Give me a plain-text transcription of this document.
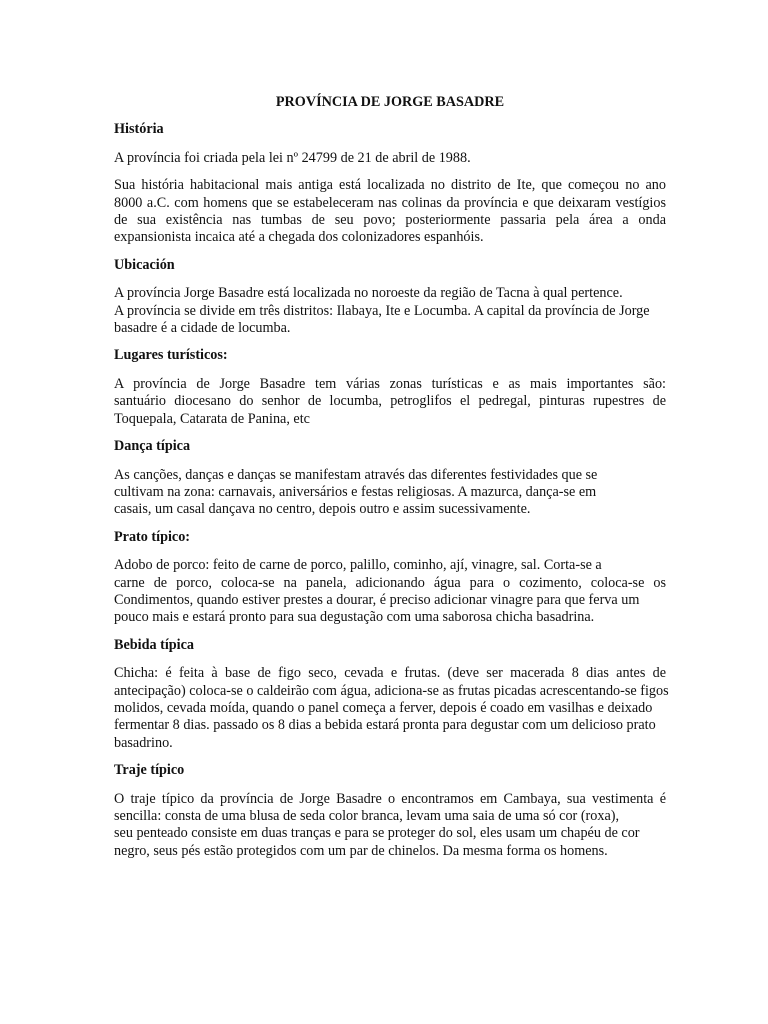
PROVÍNCIA DE JORGE BASADRE
História
A província foi criada pela lei nº 24799 de 21 de abril de 1988.
Sua história habitacional mais antiga está localizada no distrito de Ite, que começou no ano
8000 a.C. com homens que se estabeleceram nas colinas da província e que deixaram vestígios
de sua existência nas tumbas de seu povo; posteriormente passaria pela área a onda
expansionista incaica até a chegada dos colonizadores espanhóis.
Ubicación
A província Jorge Basadre está localizada no noroeste da região de Tacna à qual pertence.
A província se divide em três distritos: Ilabaya, Ite e Locumba. A capital da província de Jorge
basadre é a cidade de locumba.
Lugares turísticos:
A província de Jorge Basadre tem várias zonas turísticas e as mais importantes são:
santuário diocesano do senhor de locumba, petroglifos el pedregal, pinturas rupestres de
Toquepala, Catarata de Panina, etc
Dança típica
As canções, danças e danças se manifestam através das diferentes festividades que se
cultivam na zona: carnavais, aniversários e festas religiosas. A mazurca, dança-se em
casais, um casal dançava no centro, depois outro e assim sucessivamente.
Prato típico:
Adobo de porco: feito de carne de porco, palillo, cominho, ají, vinagre, sal. Corta-se a
carne de porco, coloca-se na panela, adicionando água para o cozimento, coloca-se os
Condimentos, quando estiver prestes a dourar, é preciso adicionar vinagre para que ferva um
pouco mais e estará pronto para sua degustação com uma saborosa chicha basadrina.
Bebida típica
Chicha: é feita à base de figo seco, cevada e frutas. (deve ser macerada 8 dias antes de
antecipação) coloca-se o caldeirão com água, adiciona-se as frutas picadas acrescentando-se figos
molidos, cevada moída, quando o panel começa a ferver, depois é coado em vasilhas e deixado
fermentar 8 dias. passado os 8 dias a bebida estará pronta para degustar com um delicioso prato
basadrino.
Traje típico
O traje típico da província de Jorge Basadre o encontramos em Cambaya, sua vestimenta é
sencilla: consta de uma blusa de seda color branca, levam uma saia de uma só cor (roxa),
seu penteado consiste em duas tranças e para se proteger do sol, eles usam um chapéu de cor
negro, seus pés estão protegidos com um par de chinelos. Da mesma forma os homens.
